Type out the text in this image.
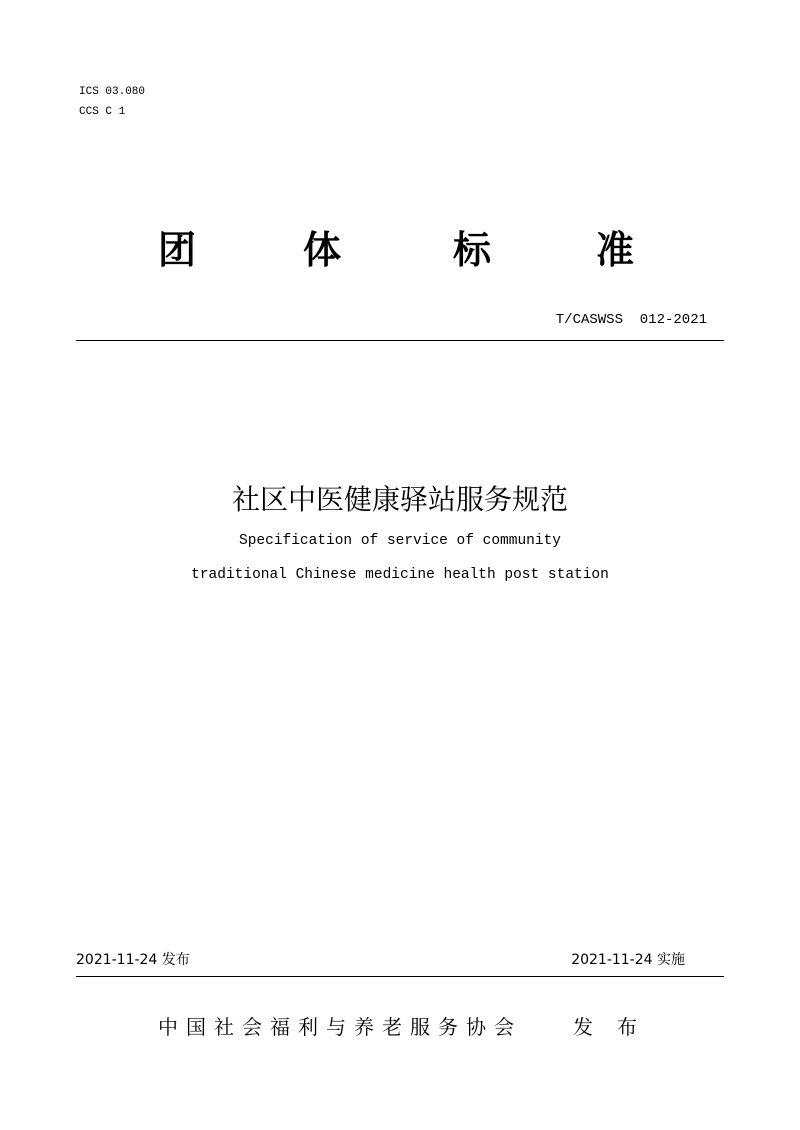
ICS 03.080
CCS C 1
团	体	标	准
T/CASWSS  012-2021
社区中医健康驿站服务规范
Specification of service of community
traditional Chinese medicine health post station
2021-11-24 发布	2021-11-24 实施
中国社会福利与养老服务协会	发布
